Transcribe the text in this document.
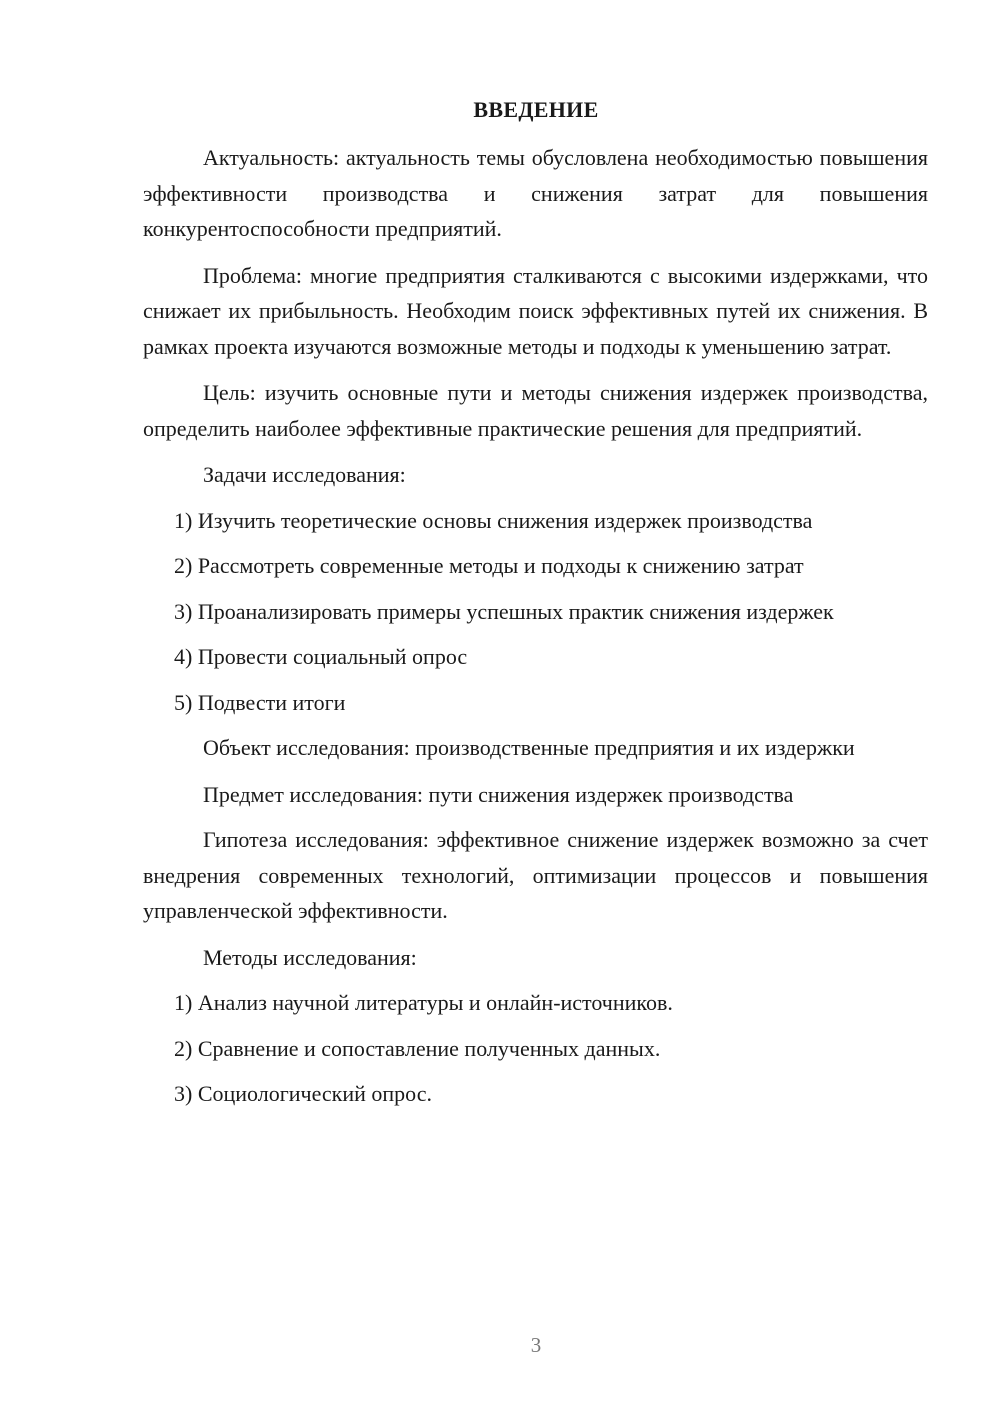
ВВЕДЕНИЕ

Актуальность: актуальность темы обусловлена необходимостью повышения эффективности производства и снижения затрат для повышения конкурентоспособности предприятий.

Проблема: многие предприятия сталкиваются с высокими издержками, что снижает их прибыльность. Необходим поиск эффективных путей их снижения. В рамках проекта изучаются возможные методы и подходы к уменьшению затрат.

Цель: изучить основные пути и методы снижения издержек производства, определить наиболее эффективные практические решения для предприятий.

Задачи исследования:

1) Изучить теоретические основы снижения издержек производства
2) Рассмотреть современные методы и подходы к снижению затрат
3) Проанализировать примеры успешных практик снижения издержек
4) Провести социальный опрос
5) Подвести итоги

Объект исследования: производственные предприятия и их издержки

Предмет исследования: пути снижения издержек производства

Гипотеза исследования: эффективное снижение издержек возможно за счет внедрения современных технологий, оптимизации процессов и повышения управленческой эффективности.

Методы исследования:

1) Анализ научной литературы и онлайн-источников.
2) Сравнение и сопоставление полученных данных.
3) Социологический опрос.
3
